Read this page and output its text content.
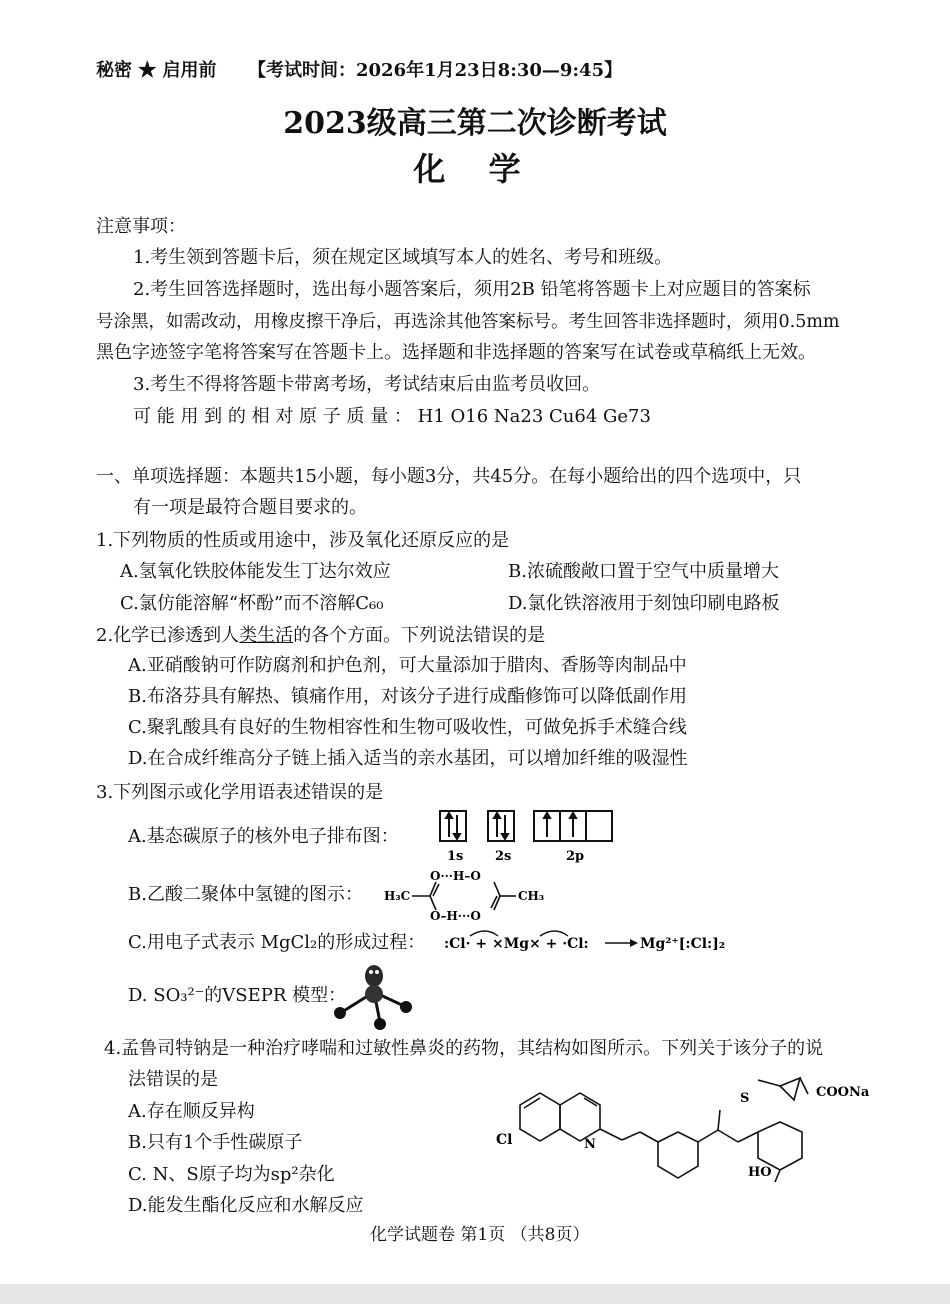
秘密 ★ 启用前 【考试时间：2026年1月23日8:30—9:45】
2023级高三第二次诊断考试
化 学
注意事项：
1.考生领到答题卡后，须在规定区域填写本人的姓名、考号和班级。
2.考生回答选择题时，选出每小题答案后，须用2B 铅笔将答题卡上对应题目的答案标
号涂黑，如需改动，用橡皮擦干净后，再选涂其他答案标号。考生回答非选择题时，须用0.5mm
黑色字迹签字笔将答案写在答题卡上。选择题和非选择题的答案写在试卷或草稿纸上无效。
3.考生不得将答题卡带离考场，考试结束后由监考员收回。
可 能 用 到 的 相 对 原 子 质 量 ： H1 O16 Na23 Cu64 Ge73
一、单项选择题：本题共15小题，每小题3分，共45分。在每小题给出的四个选项中，只
有一项是最符合题目要求的。
1.下列物质的性质或用途中，涉及氧化还原反应的是
A.氢氧化铁胶体能发生丁达尔效应	B.浓硫酸敞口置于空气中质量增大
C.氯仿能溶解“杯酚”而不溶解C₆₀	D.氯化铁溶液用于刻蚀印刷电路板
2.化学已渗透到人类生活的各个方面。下列说法错误的是
A.亚硝酸钠可作防腐剂和护色剂，可大量添加于腊肉、香肠等肉制品中
B.布洛芬具有解热、镇痛作用，对该分子进行成酯修饰可以降低副作用
C.聚乳酸具有良好的生物相容性和生物可吸收性，可做免拆手术缝合线
D.在合成纤维高分子链上插入适当的亲水基团，可以增加纤维的吸湿性
3.下列图示或化学用语表述错误的是
A.基态碳原子的核外电子排布图：
1s 2s	2p
B.乙酸二聚体中氢键的图示： H₃C	CH₃
O···H–O
O–H···O
C.用电子式表示 MgCl₂的形成过程： :Cl· + ×Mg× + ·Cl:	Mg²⁺[:Cl:]₂
D. SO₃²⁻的VSEPR 模型：
4.孟鲁司特钠是一种治疗哮喘和过敏性鼻炎的药物，其结构如图所示。下列关于该分子的说
法错误的是
A.存在顺反异构
B.只有1个手性碳原子
C. N、S原子均为sp²杂化
D.能发生酯化反应和水解反应
Cl	N
S	COONa
HO
化学试题卷 第1页 （共8页）
